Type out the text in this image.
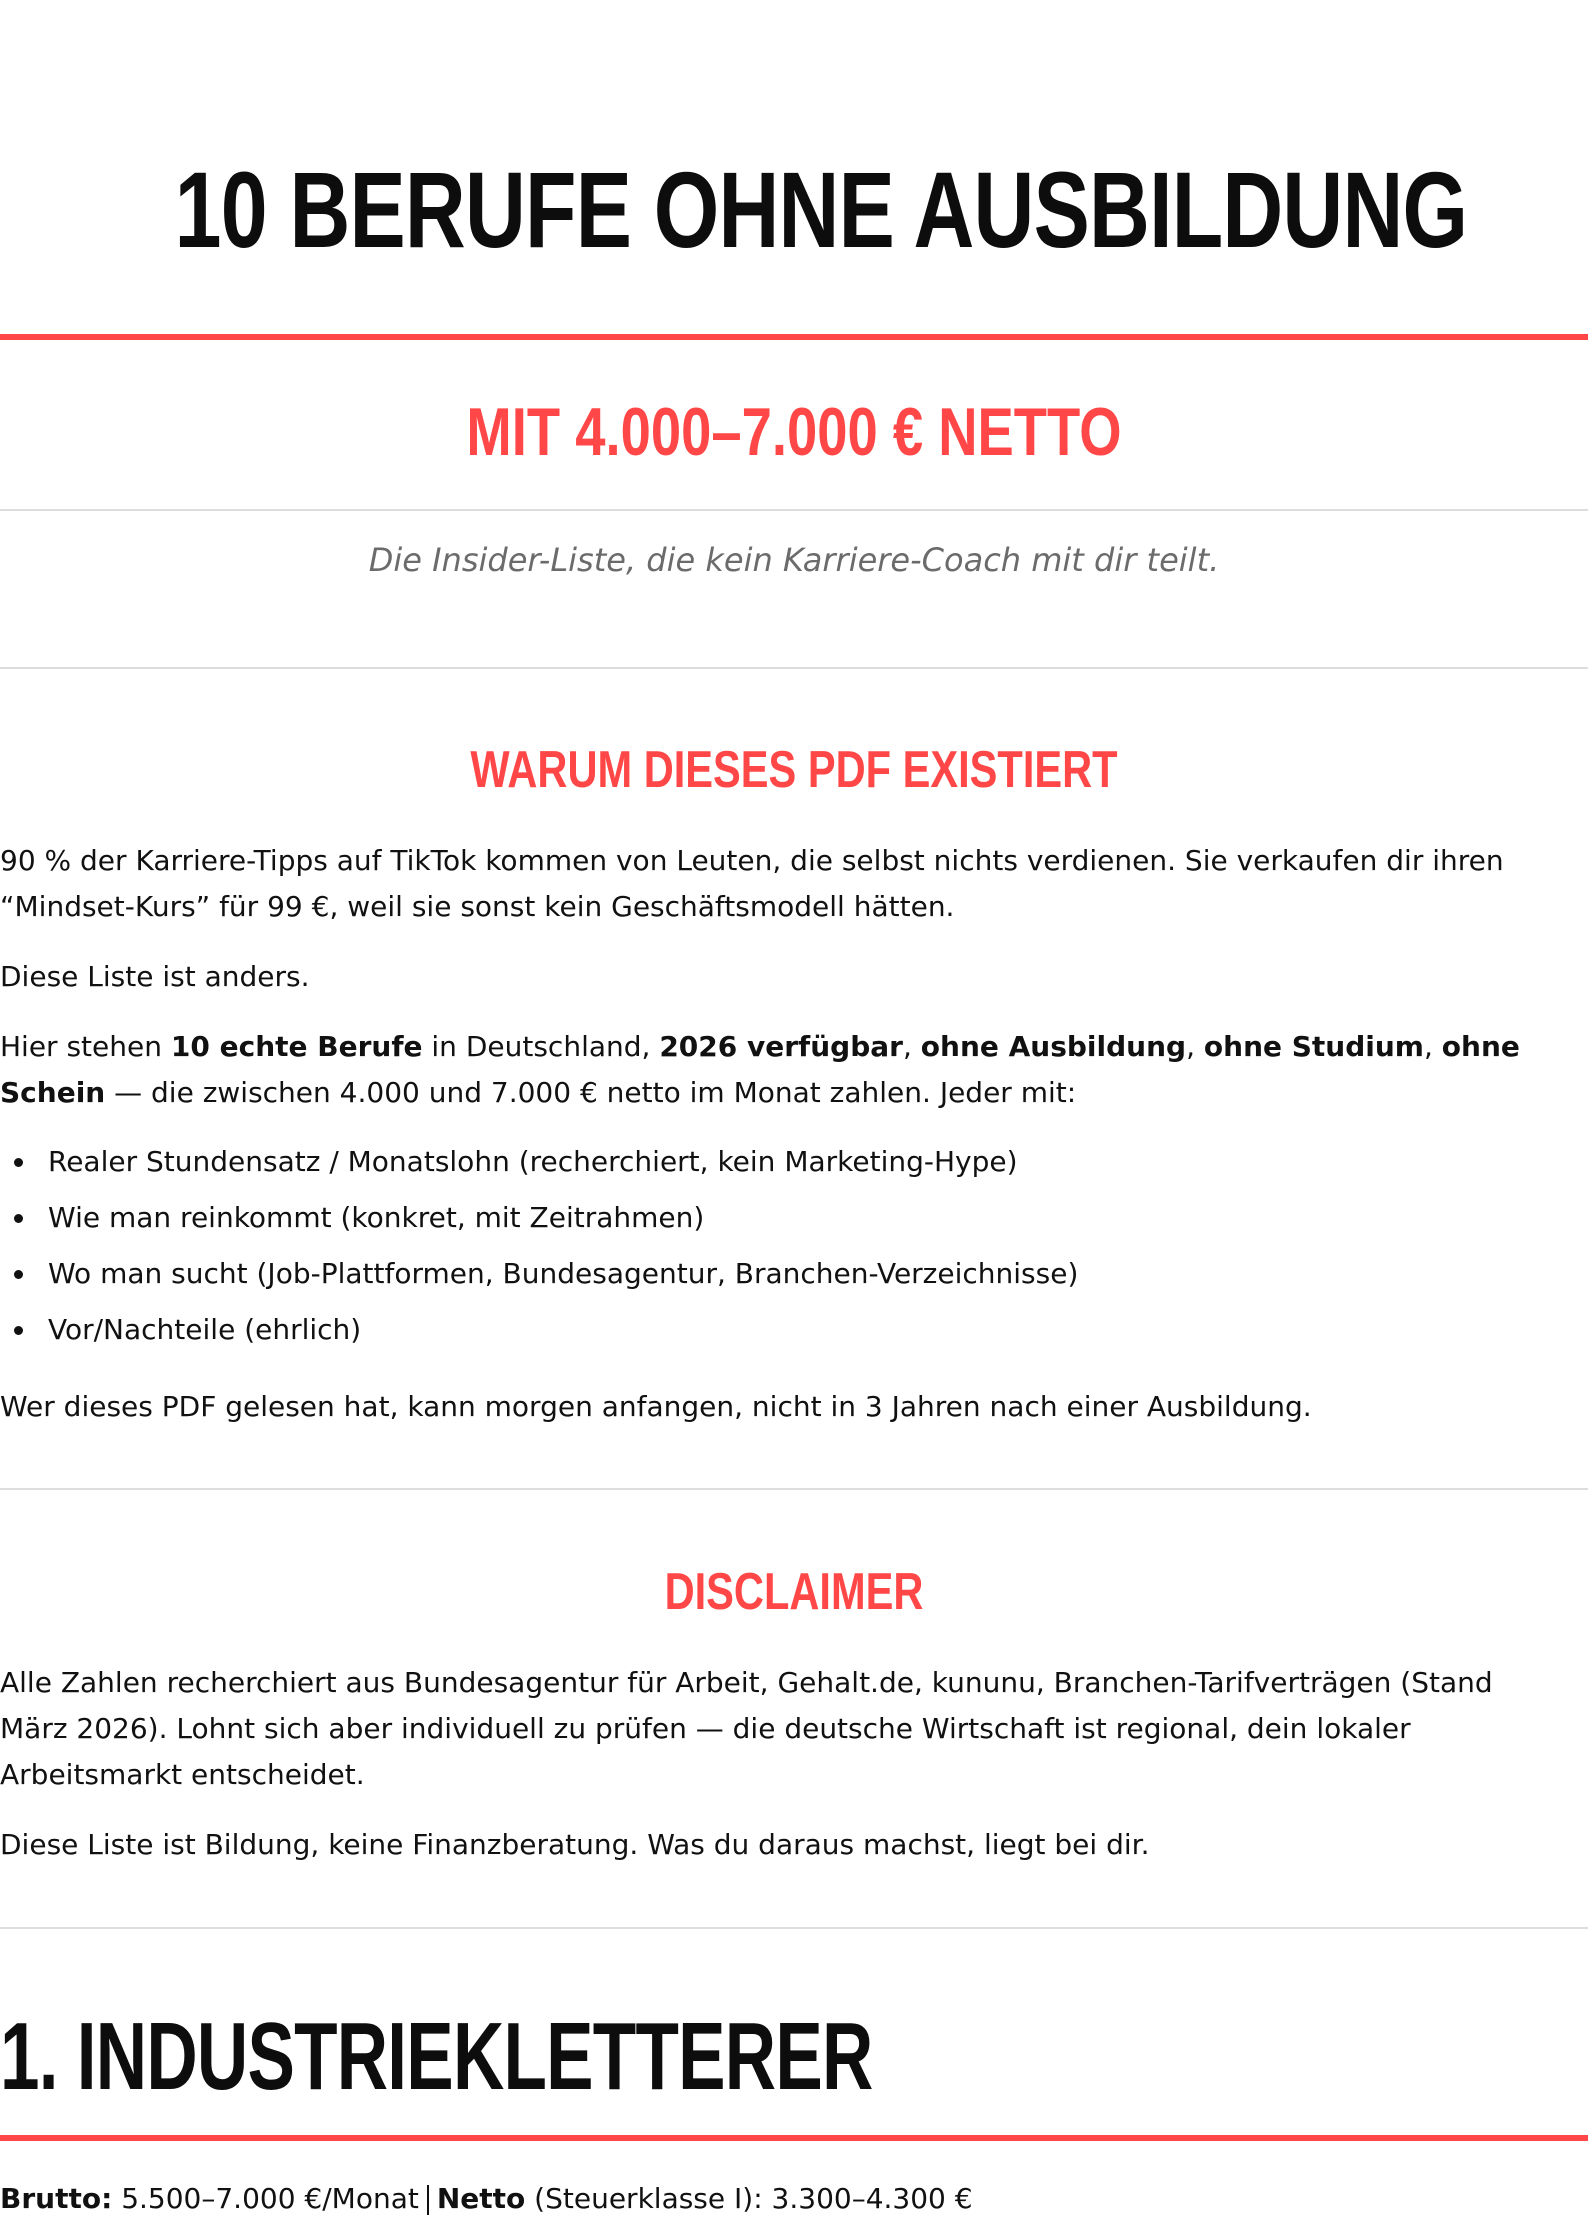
10 BERUFE OHNE AUSBILDUNG
MIT 4.000–7.000 € NETTO

Die Insider-Liste, die kein Karriere-Coach mit dir teilt.

WARUM DIESES PDF EXISTIERT

90 % der Karriere-Tipps auf TikTok kommen von Leuten, die selbst nichts verdienen. Sie verkaufen dir ihren “Mindset-Kurs” für 99 €, weil sie sonst kein Geschäftsmodell hätten.

Diese Liste ist anders.

Hier stehen 10 echte Berufe in Deutschland, 2026 verfügbar, ohne Ausbildung, ohne Studium, ohne Schein — die zwischen 4.000 und 7.000 € netto im Monat zahlen. Jeder mit:

Realer Stundensatz / Monatslohn (recherchiert, kein Marketing-Hype)
Wie man reinkommt (konkret, mit Zeitrahmen)
Wo man sucht (Job-Plattformen, Bundesagentur, Branchen-Verzeichnisse)
Vor/Nachteile (ehrlich)

Wer dieses PDF gelesen hat, kann morgen anfangen, nicht in 3 Jahren nach einer Ausbildung.

DISCLAIMER

Alle Zahlen recherchiert aus Bundesagentur für Arbeit, Gehalt.de, kununu, Branchen-Tarifverträgen (Stand März 2026). Lohnt sich aber individuell zu prüfen — die deutsche Wirtschaft ist regional, dein lokaler Arbeitsmarkt entscheidet.

Diese Liste ist Bildung, keine Finanzberatung. Was du daraus machst, liegt bei dir.

1. INDUSTRIEKLETTERER
Brutto: 5.500–7.000 €/Monat Netto (Steuerklasse I): 3.300–4.300 €
